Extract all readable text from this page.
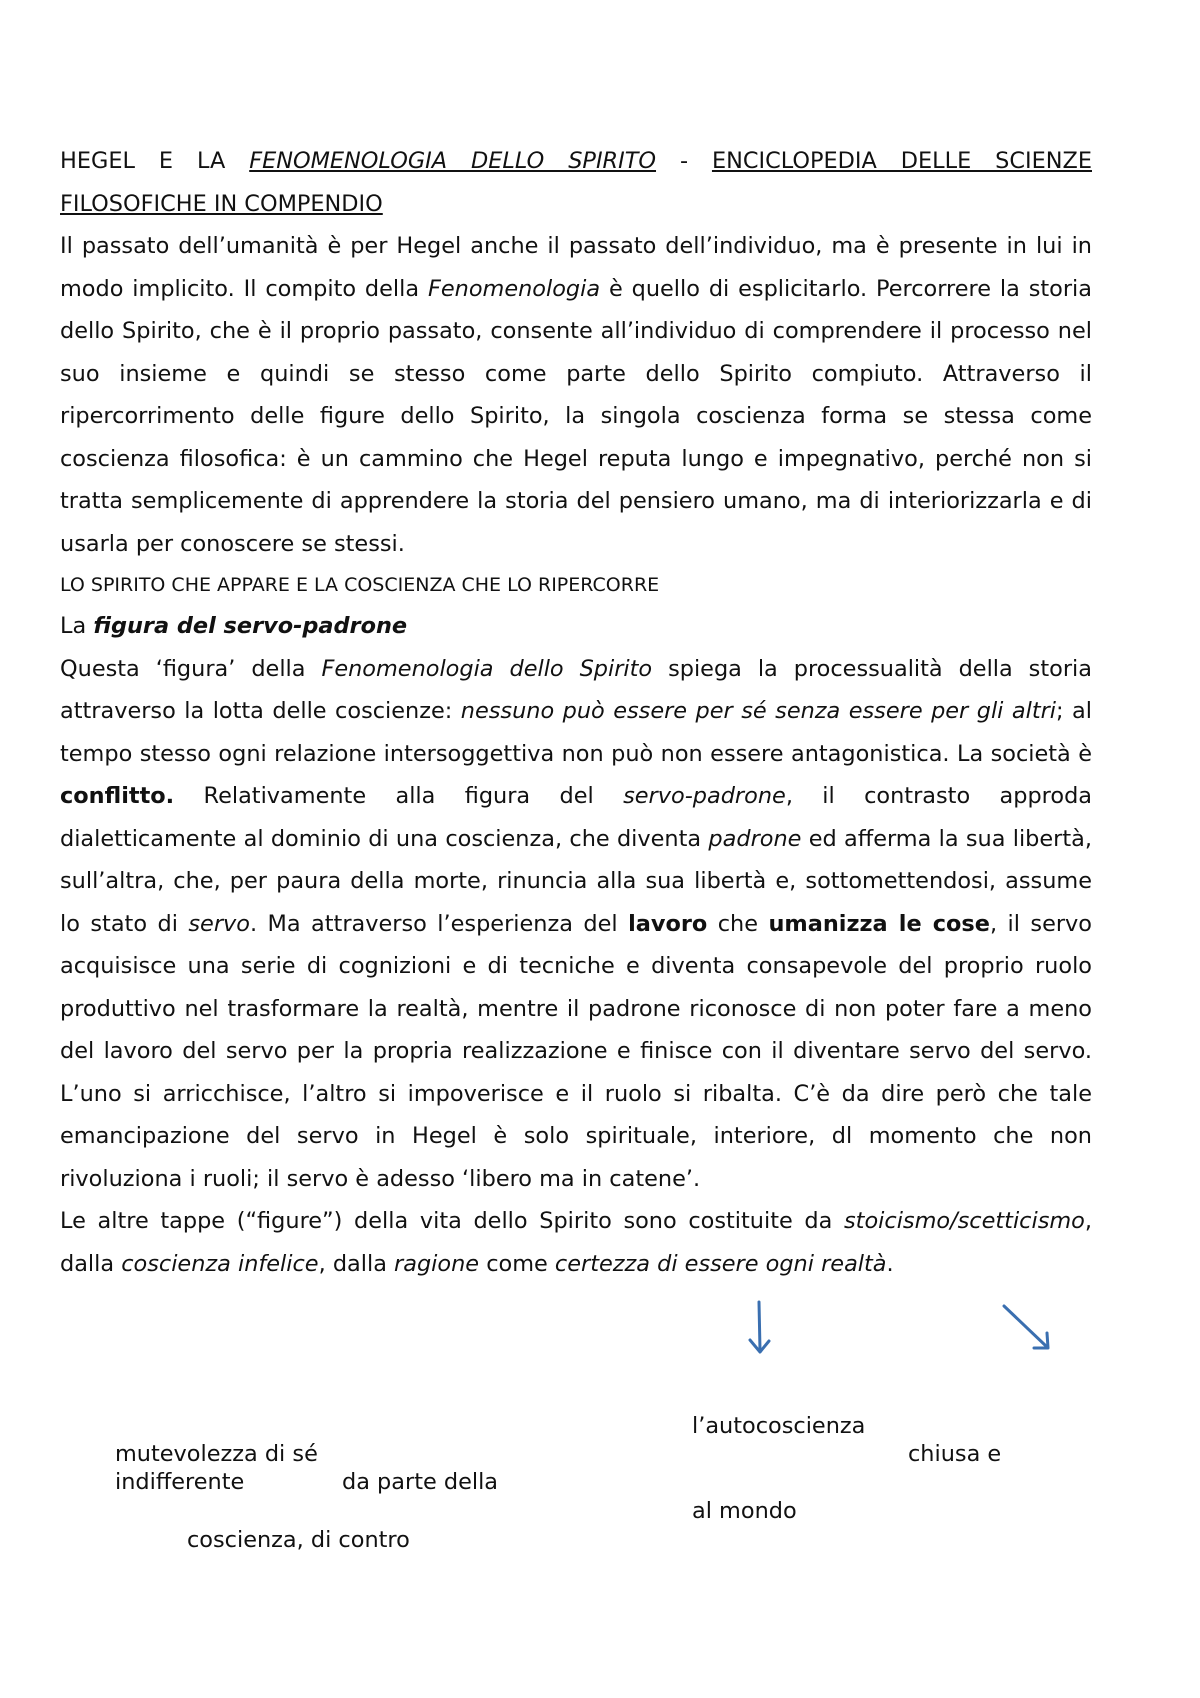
HEGEL E LA FENOMENOLOGIA DELLO SPIRITO - ENCICLOPEDIA DELLE SCIENZE FILOSOFICHE IN COMPENDIO

Il passato dell’umanità è per Hegel anche il passato dell’individuo, ma è presente in lui in modo implicito. Il compito della Fenomenologia è quello di esplicitarlo. Percorrere la storia dello Spirito, che è il proprio passato, consente all’individuo di comprendere il processo nel suo insieme e quindi se stesso come parte dello Spirito compiuto. Attraverso il ripercorrimento delle figure dello Spirito, la singola coscienza forma se stessa come coscienza filosofica: è un cammino che Hegel reputa lungo e impegnativo, perché non si tratta semplicemente di apprendere la storia del pensiero umano, ma di interiorizzarla e di usarla per conoscere se stessi.

LO SPIRITO CHE APPARE E LA COSCIENZA CHE LO RIPERCORRE

La figura del servo-padrone

Questa ‘figura’ della Fenomenologia dello Spirito spiega la processualità della storia attraverso la lotta delle coscienze: nessuno può essere per sé senza essere per gli altri; al tempo stesso ogni relazione intersoggettiva non può non essere antagonistica. La società è conflitto. Relativamente alla figura del servo-padrone, il contrasto approda dialetticamente al dominio di una coscienza, che diventa padrone ed afferma la sua libertà, sull’altra, che, per paura della morte, rinuncia alla sua libertà e, sottomettendosi, assume lo stato di servo. Ma attraverso l’esperienza del lavoro che umanizza le cose, il servo acquisisce una serie di cognizioni e di tecniche e diventa consapevole del proprio ruolo produttivo nel trasformare la realtà, mentre il padrone riconosce di non poter fare a meno del lavoro del servo per la propria realizzazione e finisce con il diventare servo del servo. L’uno si arricchisce, l’altro si impoverisce e il ruolo si ribalta. C’è da dire però che tale emancipazione del servo in Hegel è solo spirituale, interiore, dl momento che non rivoluziona i ruoli; il servo è adesso ‘libero ma in catene’.

Le altre tappe (“figure”) della vita dello Spirito sono costituite da stoicismo/scetticismo, dalla coscienza infelice, dalla ragione come certezza di essere ogni realtà.

mutevolezza di sé
indifferente	da parte della
coscienza, di contro
l’autocoscienza
chiusa e
al mondo
